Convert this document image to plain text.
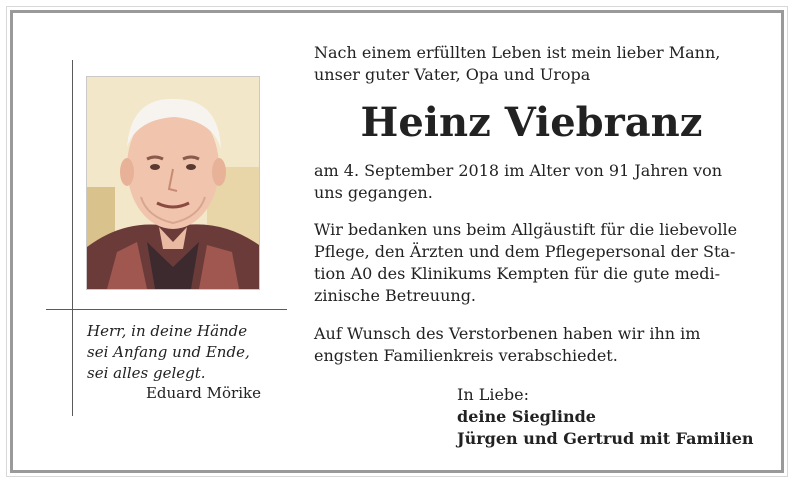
Herr, in deine Hände
sei Anfang und Ende,
sei alles gelegt.
Eduard Mörike
Nach einem erfüllten Leben ist mein lieber Mann,
unser guter Vater, Opa und Uropa
Heinz Viebranz
am 4. September 2018 im Alter von 91 Jahren von
uns gegangen.
Wir bedanken uns beim Allgäustift für die liebevolle
Pflege, den Ärzten und dem Pflegepersonal der Sta-
tion A0 des Klinikums Kempten für die gute medi-
zinische Betreuung.
Auf Wunsch des Verstorbenen haben wir ihn im
engsten Familienkreis verabschiedet.
In Liebe:
deine Sieglinde
Jürgen und Gertrud mit Familien
